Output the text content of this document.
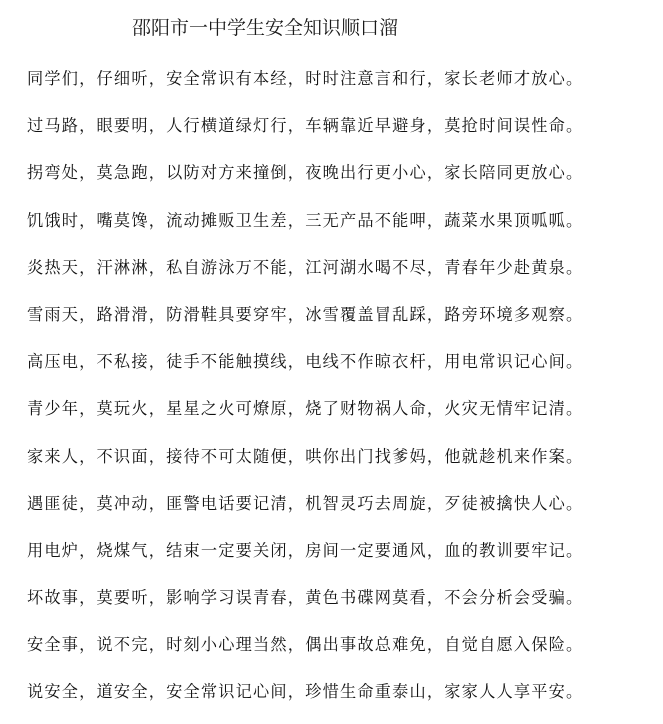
邵阳市一中学生安全知识顺口溜
同学们，仔细听，安全常识有本经，时时注意言和行，家长老师才放心。
过马路，眼要明，人行横道绿灯行，车辆靠近早避身，莫抢时间误性命。
拐弯处，莫急跑，以防对方来撞倒，夜晚出行更小心，家长陪同更放心。
饥饿时，嘴莫馋，流动摊贩卫生差，三无产品不能呷，蔬菜水果顶呱呱。
炎热天，汗淋淋，私自游泳万不能，江河湖水喝不尽，青春年少赴黄泉。
雪雨天，路滑滑，防滑鞋具要穿牢，冰雪覆盖冒乱踩，路旁环境多观察。
高压电，不私接，徒手不能触摸线，电线不作晾衣杆，用电常识记心间。
青少年，莫玩火，星星之火可燎原，烧了财物祸人命，火灾无情牢记清。
家来人，不识面，接待不可太随便，哄你出门找爹妈，他就趁机来作案。
遇匪徒，莫冲动，匪警电话要记清，机智灵巧去周旋，歹徒被擒快人心。
用电炉，烧煤气，结束一定要关闭，房间一定要通风，血的教训要牢记。
坏故事，莫要听，影响学习误青春，黄色书碟网莫看，不会分析会受骗。
安全事，说不完，时刻小心理当然，偶出事故总难免，自觉自愿入保险。
说安全，道安全，安全常识记心间，珍惜生命重泰山，家家人人享平安。
